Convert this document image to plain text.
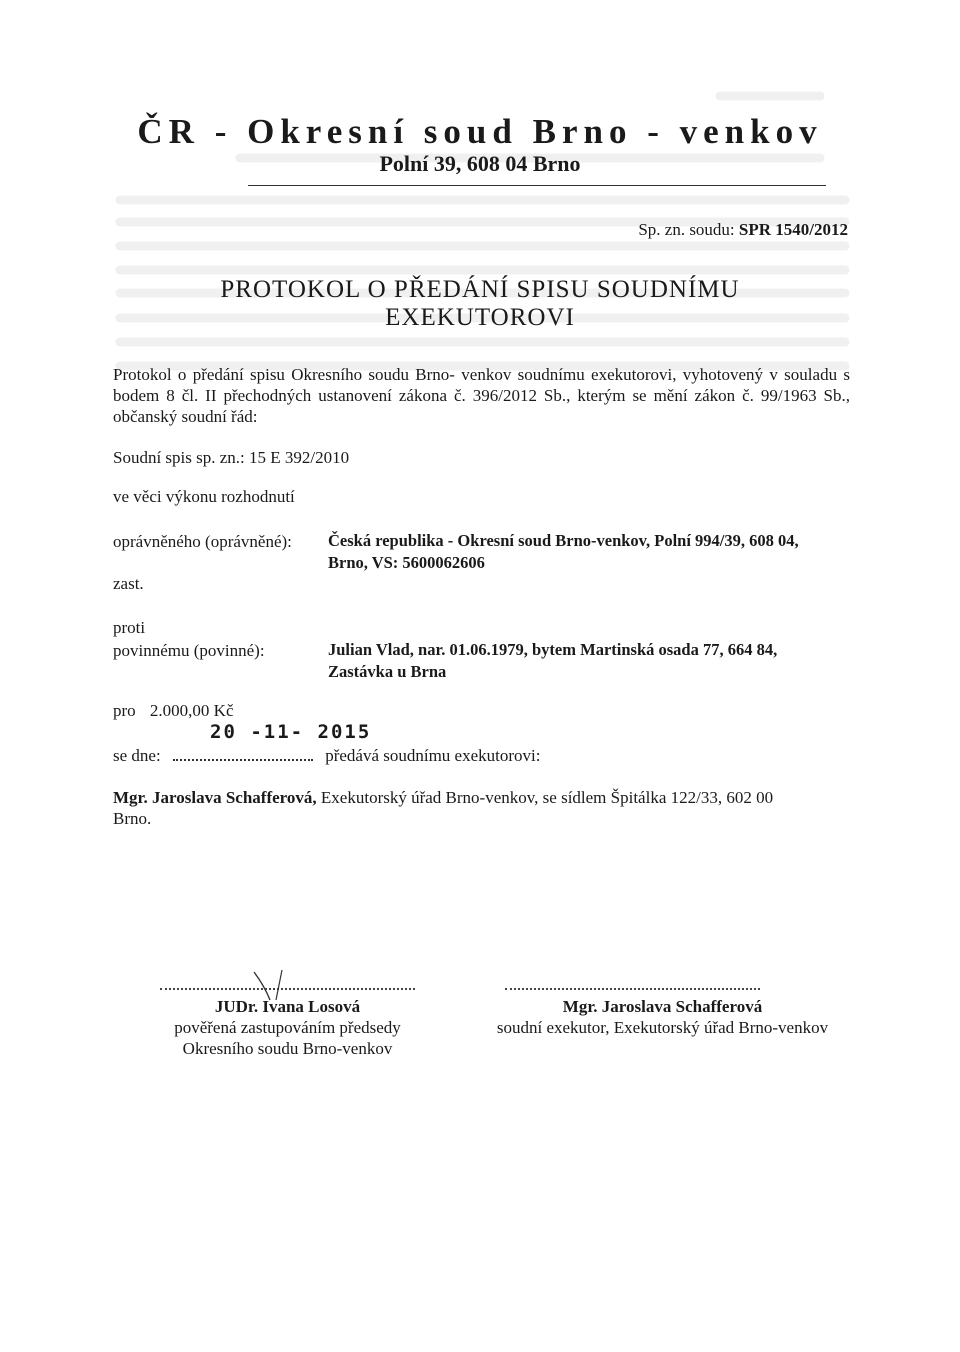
ČR - Okresní soud Brno - venkov
Polní 39, 608 04 Brno
Sp. zn. soudu: SPR 1540/2012
PROTOKOL O PŘEDÁNÍ SPISU SOUDNÍMU
EXEKUTOROVI
Protokol o předání spisu Okresního soudu Brno- venkov soudnímu exekutorovi, vyhotovený v souladu s bodem 8 čl. II přechodných ustanovení zákona č. 396/2012 Sb., kterým se mění zákon č. 99/1963 Sb., občanský soudní řád:
Soudní spis sp. zn.: 15 E 392/2010
ve věci výkonu rozhodnutí
oprávněného (oprávněné): Česká republika - Okresní soud Brno-venkov, Polní 994/39, 608 04, Brno, VS: 5600062606
zast.
proti
povinnému (povinné):	Julian Vlad, nar. 01.06.1979, bytem Martinská osada 77, 664 84, Zastávka u Brna
pro 2.000,00 Kč
20 -11- 2015
se dne:	předává soudnímu exekutorovi:
Mgr. Jaroslava Schafferová, Exekutorský úřad Brno-venkov, se sídlem Špitálka 122/33, 602 00
Brno.
JUDr. Ivana Losová
pověřená zastupováním předsedy
Okresního soudu Brno-venkov
Mgr. Jaroslava Schafferová
soudní exekutor, Exekutorský úřad Brno-venkov
